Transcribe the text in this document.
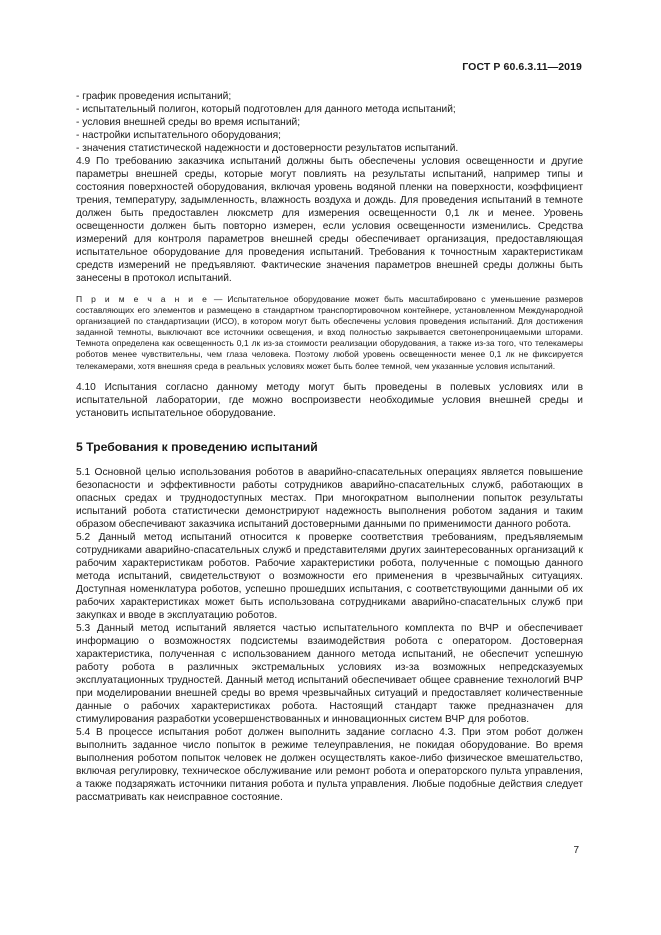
ГОСТ Р 60.6.3.11—2019
- график проведения испытаний;
- испытательный полигон, который подготовлен для данного метода испытаний;
- условия внешней среды во время испытаний;
- настройки испытательного оборудования;
- значения статистической надежности и достоверности результатов испытаний.

4.9 По требованию заказчика испытаний должны быть обеспечены условия освещенности и другие параметры внешней среды, которые могут повлиять на результаты испытаний, например типы и состояния поверхностей оборудования, включая уровень водяной пленки на поверхности, коэффициент трения, температуру, задымленность, влажность воздуха и дождь. Для проведения испытаний в темноте должен быть предоставлен люксметр для измерения освещенности 0,1 лк и менее. Уровень освещенности должен быть повторно измерен, если условия освещенности изменились. Средства измерений для контроля параметров внешней среды обеспечивает организация, предоставляющая испытательное оборудование для проведения испытаний. Требования к точностным характеристикам средств измерений не предъявляют. Фактические значения параметров внешней среды должны быть занесены в протокол испытаний.

П р и м е ч а н и е — Испытательное оборудование может быть масштабировано с уменьшение размеров составляющих его элементов и размещено в стандартном транспортировочном контейнере, установленном Международной организацией по стандартизации (ИСО), в котором могут быть обеспечены условия проведения испытаний. Для достижения заданной темноты, выключают все источники освещения, и вход полностью закрывается светонепроницаемыми шторами. Темнота определена как освещенность 0,1 лк из-за стоимости реализации оборудования, а также из-за того, что телекамеры роботов менее чувствительны, чем глаза человека. Поэтому любой уровень освещенности менее 0,1 лк не фиксируется телекамерами, хотя внешняя среда в реальных условиях может быть более темной, чем указанные условия испытаний.

4.10 Испытания согласно данному методу могут быть проведены в полевых условиях или в испытательной лаборатории, где можно воспроизвести необходимые условия внешней среды и установить испытательное оборудование.

5 Требования к проведению испытаний

5.1 Основной целью использования роботов в аварийно-спасательных операциях является повышение безопасности и эффективности работы сотрудников аварийно-спасательных служб, работающих в опасных средах и труднодоступных местах. При многократном выполнении попыток результаты испытаний робота статистически демонстрируют надежность выполнения роботом задания и таким образом обеспечивают заказчика испытаний достоверными данными по применимости данного робота.

5.2 Данный метод испытаний относится к проверке соответствия требованиям, предъявляемым сотрудниками аварийно-спасательных служб и представителями других заинтересованных организаций к рабочим характеристикам роботов. Рабочие характеристики робота, полученные с помощью данного метода испытаний, свидетельствуют о возможности его применения в чрезвычайных ситуациях. Доступная номенклатура роботов, успешно прошедших испытания, с соответствующими данными об их рабочих характеристиках может быть использована сотрудниками аварийно-спасательных служб при закупках и вводе в эксплуатацию роботов.

5.3 Данный метод испытаний является частью испытательного комплекта по ВЧР и обеспечивает информацию о возможностях подсистемы взаимодействия робота с оператором. Достоверная характеристика, полученная с использованием данного метода испытаний, не обеспечит успешную работу робота в различных экстремальных условиях из-за возможных непредсказуемых эксплуатационных трудностей. Данный метод испытаний обеспечивает общее сравнение технологий ВЧР при моделировании внешней среды во время чрезвычайных ситуаций и предоставляет количественные данные о рабочих характеристиках робота. Настоящий стандарт также предназначен для стимулирования разработки усовершенствованных и инновационных систем ВЧР для роботов.

5.4 В процессе испытания робот должен выполнить задание согласно 4.3. При этом робот должен выполнить заданное число попыток в режиме телеуправления, не покидая оборудование. Во время выполнения роботом попыток человек не должен осуществлять какое-либо физическое вмешательство, включая регулировку, техническое обслуживание или ремонт робота и операторского пульта управления, а также подзаряжать источники питания робота и пульта управления. Любые подобные действия следует рассматривать как неисправное состояние.

7
